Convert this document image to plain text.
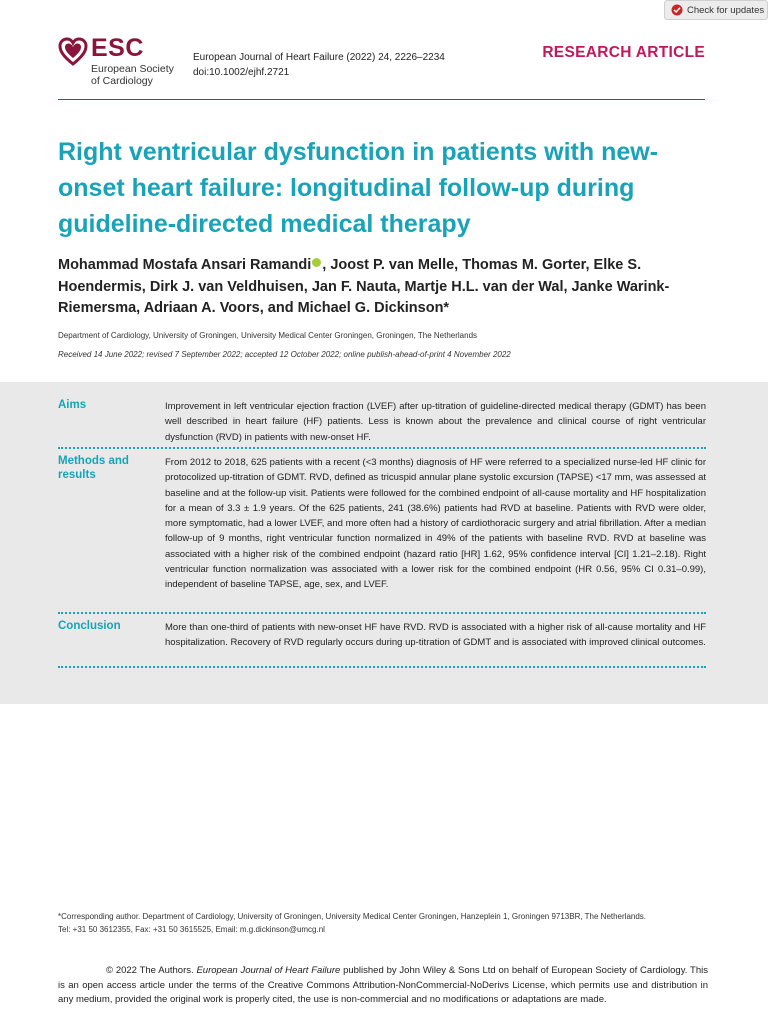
Check for updates
ESC
European Society
of Cardiology
European Journal of Heart Failure (2022) 24, 2226–2234
doi:10.1002/ejhf.2721
RESEARCH ARTICLE
Right ventricular dysfunction in patients with new-onset heart failure: longitudinal follow-up during guideline-directed medical therapy
Mohammad Mostafa Ansari Ramandi , Joost P. van Melle, Thomas M. Gorter, Elke S. Hoendermis, Dirk J. van Veldhuisen, Jan F. Nauta, Martje H.L. van der Wal, Janke Warink-Riemersma, Adriaan A. Voors, and Michael G. Dickinson*
Department of Cardiology, University of Groningen, University Medical Center Groningen, Groningen, The Netherlands
Received 14 June 2022; revised 7 September 2022; accepted 12 October 2022; online publish-ahead-of-print 4 November 2022
Aims	Improvement in left ventricular ejection fraction (LVEF) after up-titration of guideline-directed medical therapy (GDMT) has been well described in heart failure (HF) patients. Less is known about the prevalence and clinical course of right ventricular dysfunction (RVD) in patients with new-onset HF.
Methods and results
From 2012 to 2018, 625 patients with a recent (<3 months) diagnosis of HF were referred to a specialized nurse-led HF clinic for protocolized up-titration of GDMT. RVD, defined as tricuspid annular plane systolic excursion (TAPSE) <17 mm, was assessed at baseline and at the follow-up visit. Patients were followed for the combined endpoint of all-cause mortality and HF hospitalization for a mean of 3.3 ± 1.9 years. Of the 625 patients, 241 (38.6%) patients had RVD at baseline. Patients with RVD were older, more symptomatic, had a lower LVEF, and more often had a history of cardiothoracic surgery and atrial fibrillation. After a median follow-up of 9 months, right ventricular function normalized in 49% of the patients with baseline RVD. RVD at baseline was associated with a higher risk of the combined endpoint (hazard ratio [HR] 1.62, 95% confidence interval [CI] 1.21–2.18). Right ventricular function normalization was associated with a lower risk for the combined endpoint (HR 0.56, 95% CI 0.31–0.99), independent of baseline TAPSE, age, sex, and LVEF.
Conclusion	More than one-third of patients with new-onset HF have RVD. RVD is associated with a higher risk of all-cause mortality and HF hospitalization. Recovery of RVD regularly occurs during up-titration of GDMT and is associated with improved clinical outcomes.
*Corresponding author. Department of Cardiology, University of Groningen, University Medical Center Groningen, Hanzeplein 1, Groningen 9713BR, The Netherlands.
Tel: +31 50 3612355, Fax: +31 50 3615525, Email: m.g.dickinson@umcg.nl
© 2022 The Authors. European Journal of Heart Failure published by John Wiley & Sons Ltd on behalf of European Society of Cardiology. This is an open access article under the terms of the Creative Commons Attribution-NonCommercial-NoDerivs License, which permits use and distribution in any medium, provided the original work is properly cited, the use is non-commercial and no modifications or adaptations are made.
